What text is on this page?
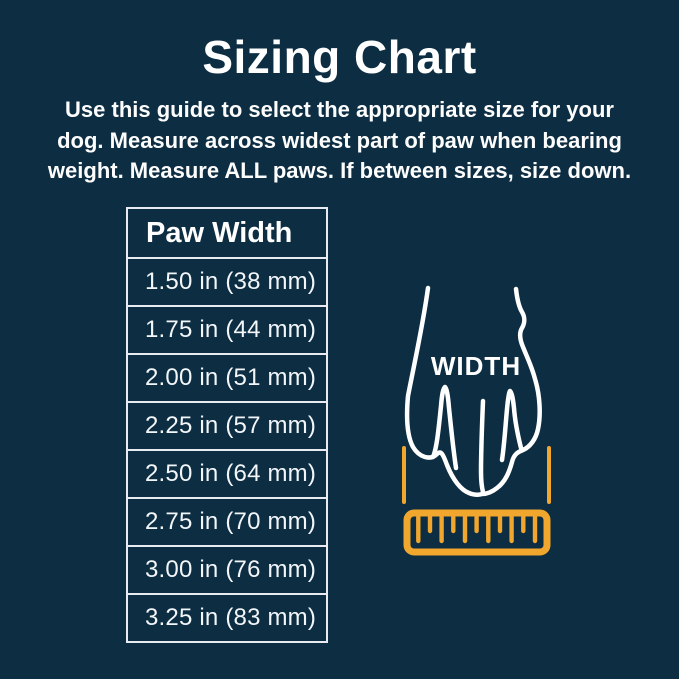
Sizing Chart
Use this guide to select the appropriate size for your
dog. Measure across widest part of paw when bearing
weight. Measure ALL paws. If between sizes, size down.
Paw Width
1.50 in (38 mm)
1.75 in (44 mm)
2.00 in (51 mm)
2.25 in (57 mm)
2.50 in (64 mm)
2.75 in (70 mm)
3.00 in (76 mm)
3.25 in (83 mm)
WIDTH
